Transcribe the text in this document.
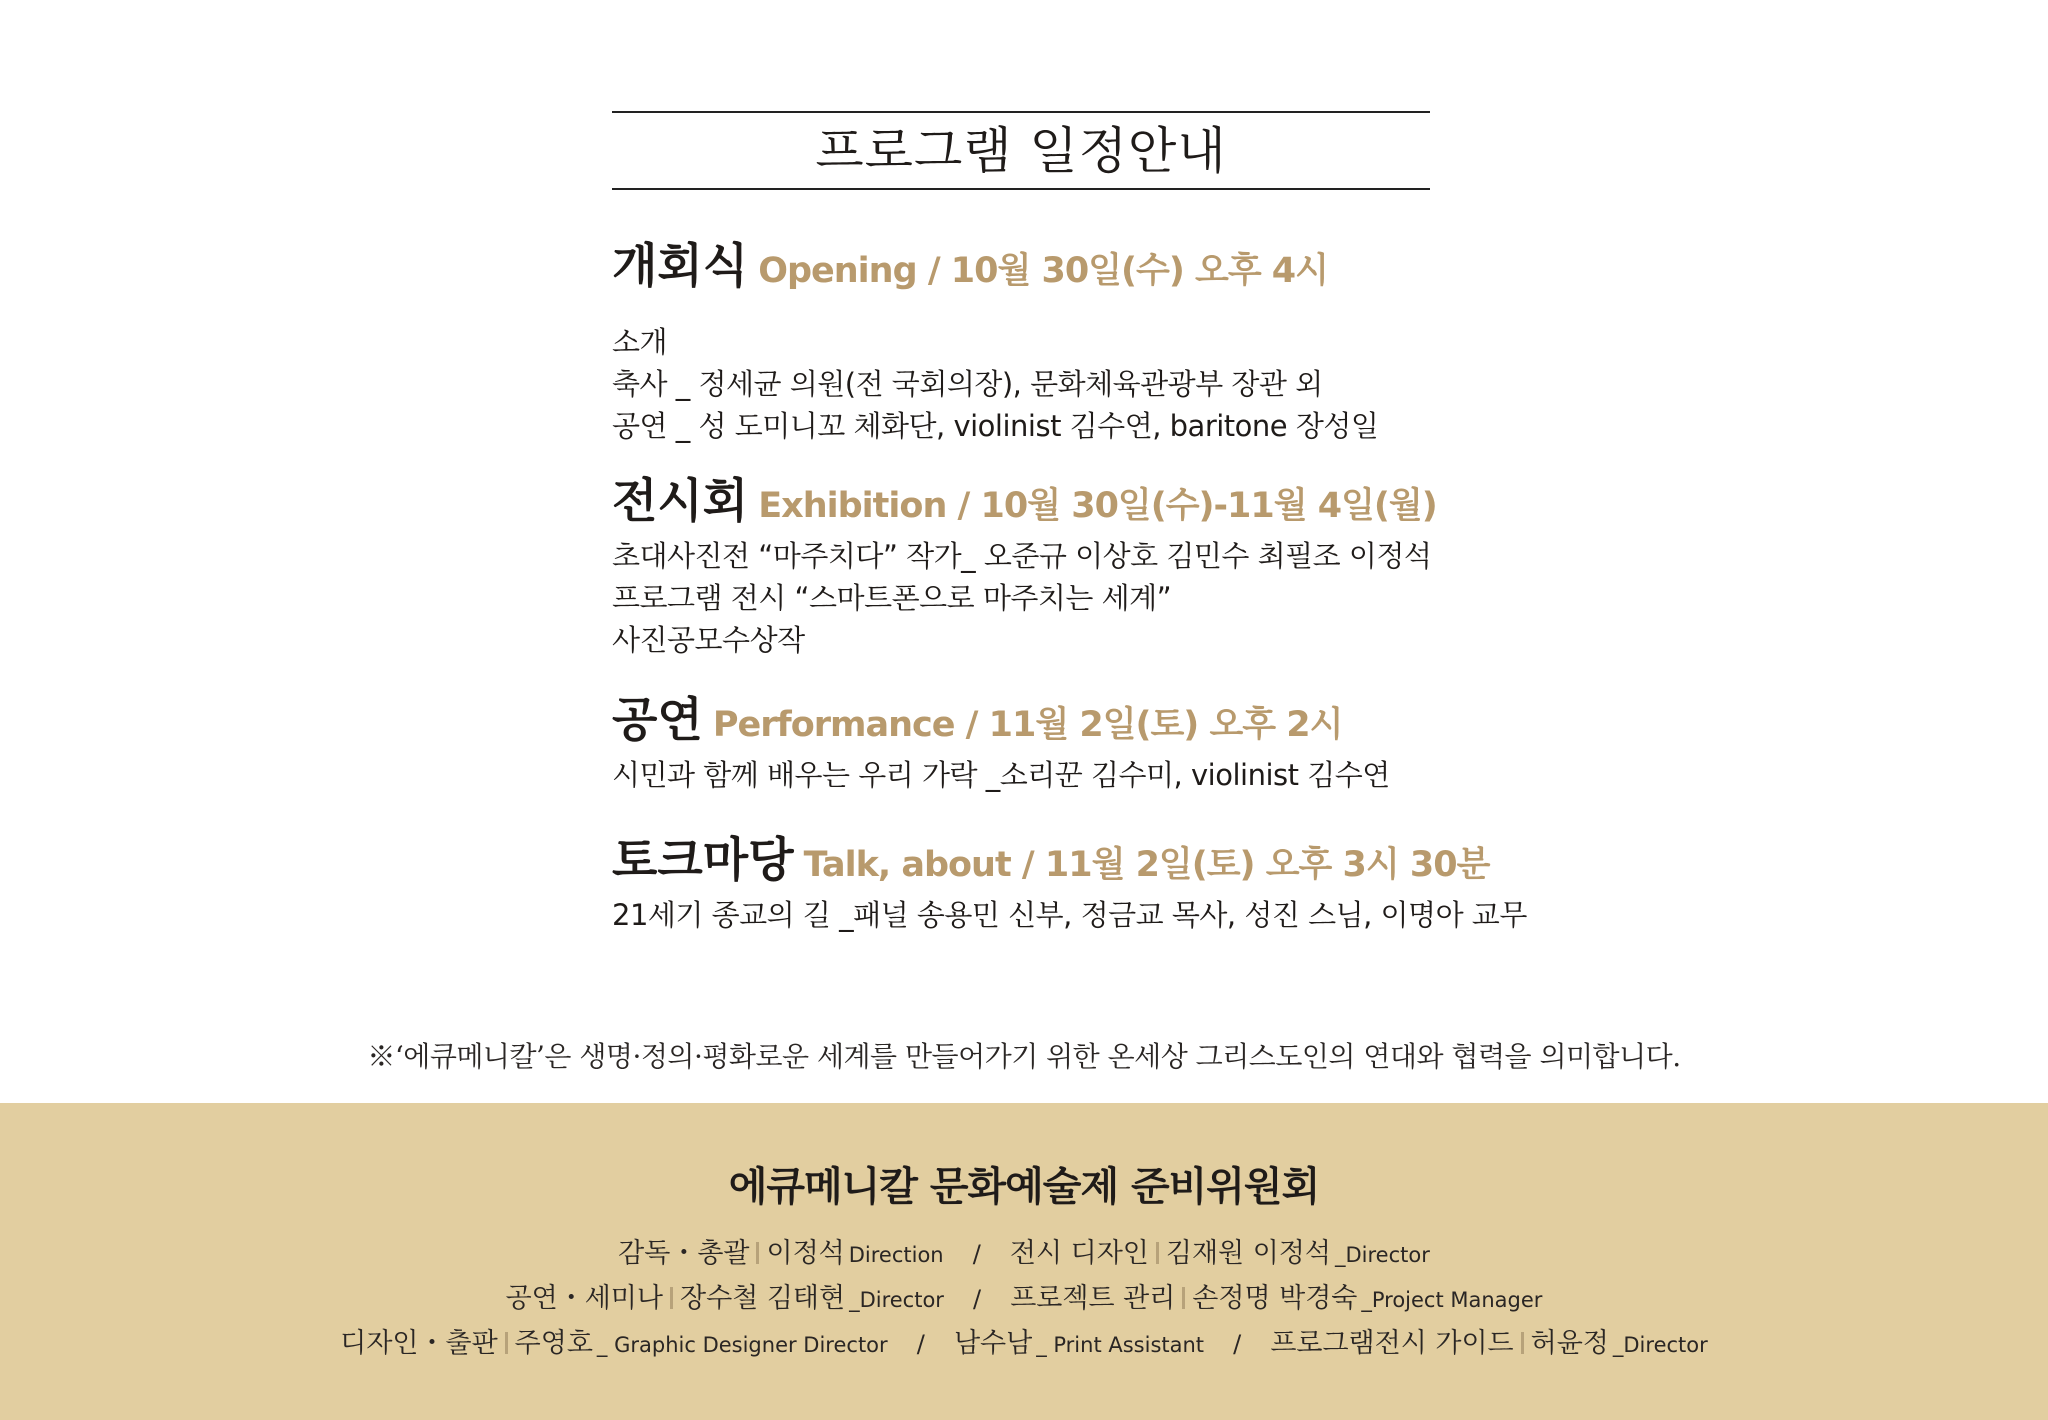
프로그램 일정안내
개회식 Opening / 10월 30일(수) 오후 4시
소개
축사 _ 정세균 의원(전 국회의장), 문화체육관광부 장관 외
공연 _ 성 도미니꼬 체화단, violinist 김수연, baritone 장성일
전시회 Exhibition / 10월 30일(수)-11월 4일(월)
초대사진전 “마주치다” 작가_ 오준규 이상호 김민수 최필조 이정석
프로그램 전시 “스마트폰으로 마주치는 세계”
사진공모수상작
공연 Performance / 11월 2일(토) 오후 2시
시민과 함께 배우는 우리 가락 _소리꾼 김수미, violinist 김수연
토크마당 Talk, about / 11월 2일(토) 오후 3시 30분
21세기 종교의 길 _패널 송용민 신부, 정금교 목사, 성진 스님, 이명아 교무
※‘에큐메니칼’은 생명·정의·평화로운 세계를 만들어가기 위한 온세상 그리스도인의 연대와 협력을 의미합니다.
에큐메니칼 문화예술제 준비위원회
감독・총괄 이정석 Direction / 전시 디자인 김재원 이정석 _Director
공연・세미나 장수철 김태현 _Director / 프로젝트 관리 손정명 박경숙 _Project Manager
디자인・출판 주영호 _ Graphic Designer Director / 남수남 _ Print Assistant / 프로그램전시 가이드 허윤정 _Director
